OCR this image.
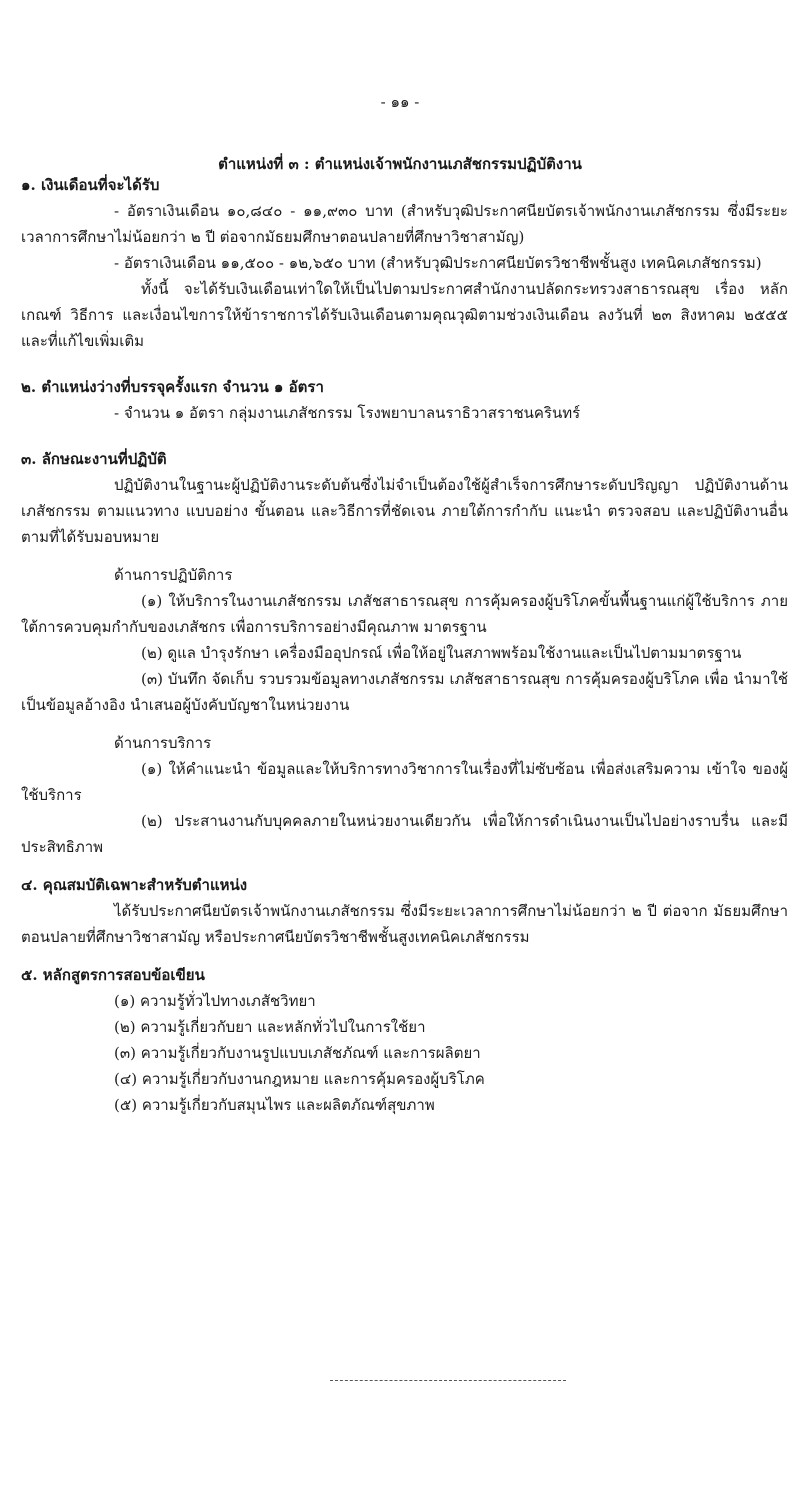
- ๑๑ -
ตำแหน่งที่ ๓ : ตำแหน่งเจ้าพนักงานเภสัชกรรมปฏิบัติงาน

๑. เงินเดือนที่จะได้รับ

- อัตราเงินเดือน ๑๐,๘๔๐ - ๑๑,๙๓๐ บาท (สำหรับวุฒิประกาศนียบัตรเจ้าพนักงานเภสัชกรรม ซึ่งมีระยะเวลาการศึกษาไม่น้อยกว่า ๒ ปี ต่อจากมัธยมศึกษาตอนปลายที่ศึกษาวิชาสามัญ)

- อัตราเงินเดือน ๑๑,๕๐๐ - ๑๒,๖๕๐ บาท (สำหรับวุฒิประกาศนียบัตรวิชาชีพชั้นสูง เทคนิคเภสัชกรรม)

ทั้งนี้ จะได้รับเงินเดือนเท่าใดให้เป็นไปตามประกาศสำนักงานปลัดกระทรวงสาธารณสุข เรื่อง หลักเกณฑ์ วิธีการ และเงื่อนไขการให้ข้าราชการได้รับเงินเดือนตามคุณวุฒิตามช่วงเงินเดือน ลงวันที่ ๒๓ สิงหาคม ๒๕๕๕ และที่แก้ไขเพิ่มเติม

๒. ตำแหน่งว่างที่บรรจุครั้งแรก จำนวน ๑ อัตรา

- จำนวน ๑ อัตรา กลุ่มงานเภสัชกรรม โรงพยาบาลนราธิวาสราชนครินทร์

๓. ลักษณะงานที่ปฏิบัติ

ปฏิบัติงานในฐานะผู้ปฏิบัติงานระดับต้นซึ่งไม่จำเป็นต้องใช้ผู้สำเร็จการศึกษาระดับปริญญา ปฏิบัติงานด้านเภสัชกรรม ตามแนวทาง แบบอย่าง ขั้นตอน และวิธีการที่ชัดเจน ภายใต้การกำกับ แนะนำ ตรวจสอบ และปฏิบัติงานอื่นตามที่ได้รับมอบหมาย

ด้านการปฏิบัติการ

(๑) ให้บริการในงานเภสัชกรรม เภสัชสาธารณสุข การคุ้มครองผู้บริโภคขั้นพื้นฐานแก่ผู้ใช้บริการ ภายใต้การควบคุมกำกับของเภสัชกร เพื่อการบริการอย่างมีคุณภาพ มาตรฐาน

(๒) ดูแล บำรุงรักษา เครื่องมืออุปกรณ์ เพื่อให้อยู่ในสภาพพร้อมใช้งานและเป็นไปตามมาตรฐาน

(๓) บันทึก จัดเก็บ รวบรวมข้อมูลทางเภสัชกรรม เภสัชสาธารณสุข การคุ้มครองผู้บริโภค เพื่อ นำมาใช้เป็นข้อมูลอ้างอิง นำเสนอผู้บังคับบัญชาในหน่วยงาน

ด้านการบริการ

(๑) ให้คำแนะนำ ข้อมูลและให้บริการทางวิชาการในเรื่องที่ไม่ซับซ้อน เพื่อส่งเสริมความ เข้าใจ ของผู้ใช้บริการ

(๒) ประสานงานกับบุคคลภายในหน่วยงานเดียวกัน เพื่อให้การดำเนินงานเป็นไปอย่างราบรื่น และมีประสิทธิภาพ

๔. คุณสมบัติเฉพาะสำหรับตำแหน่ง

ได้รับประกาศนียบัตรเจ้าพนักงานเภสัชกรรม ซึ่งมีระยะเวลาการศึกษาไม่น้อยกว่า ๒ ปี ต่อจาก มัธยมศึกษาตอนปลายที่ศึกษาวิชาสามัญ หรือประกาศนียบัตรวิชาชีพชั้นสูงเทคนิคเภสัชกรรม

๕. หลักสูตรการสอบข้อเขียน

(๑) ความรู้ทั่วไปทางเภสัชวิทยา

(๒) ความรู้เกี่ยวกับยา และหลักทั่วไปในการใช้ยา

(๓) ความรู้เกี่ยวกับงานรูปแบบเภสัชภัณฑ์ และการผลิตยา

(๔) ความรู้เกี่ยวกับงานกฎหมาย และการคุ้มครองผู้บริโภค

(๕) ความรู้เกี่ยวกับสมุนไพร และผลิตภัณฑ์สุขภาพ
